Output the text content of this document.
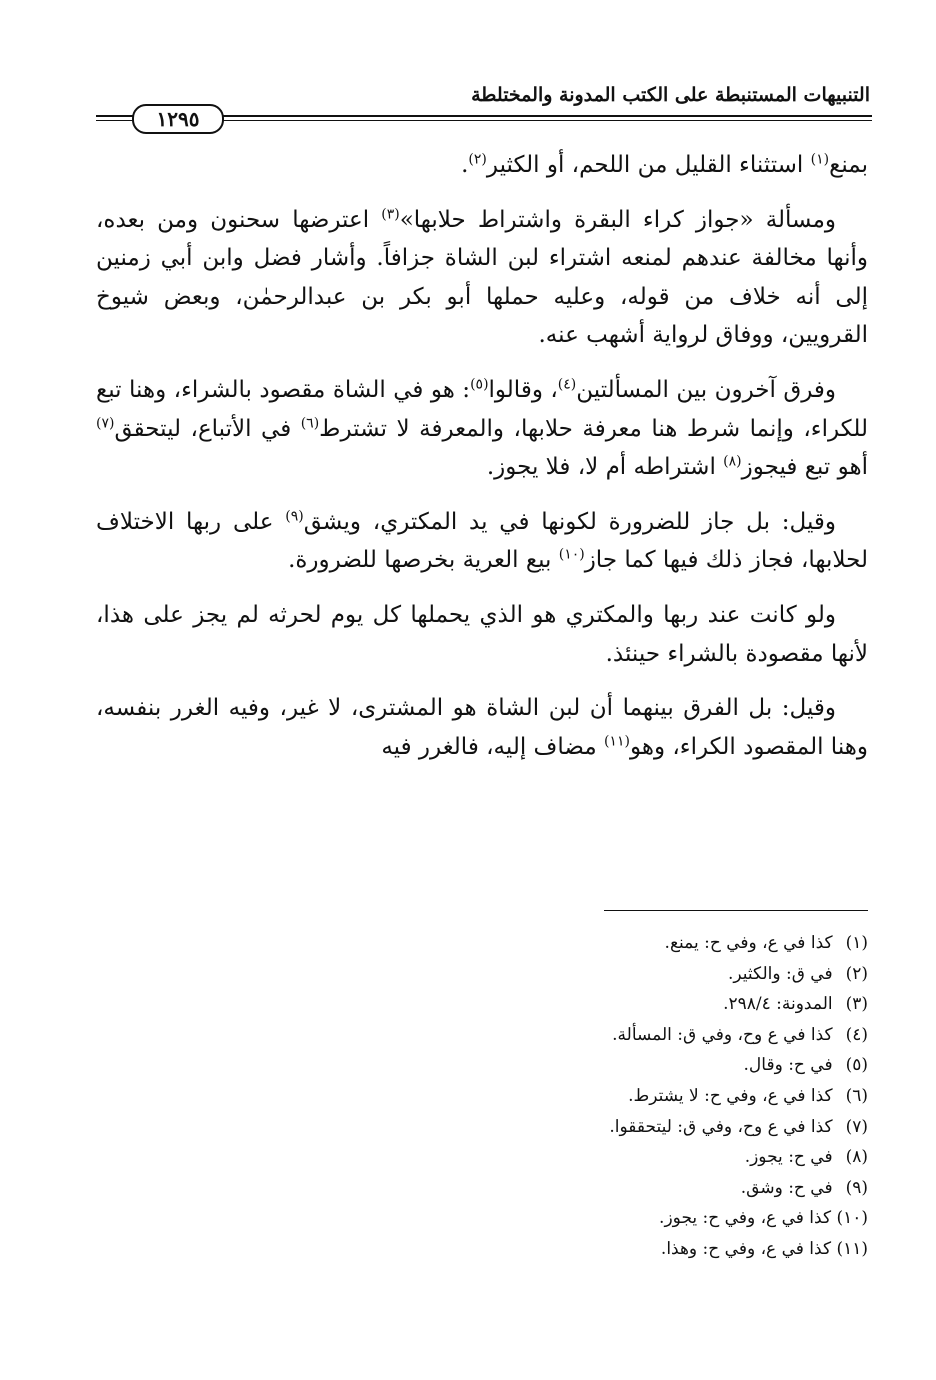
التنبيهات المستنبطة على الكتب المدونة والمختلطة
١٢٩٥

بمنع$^{(١)}$ استثناء القليل من اللحم، أو الكثير$^{(٢)}$.

ومسألة «جواز كراء البقرة واشتراط حلابها»$^{(٣)}$ اعترضها سحنون ومن بعده، وأنها مخالفة عندهم لمنعه اشتراء لبن الشاة جزافاً. وأشار فضل وابن أبي زمنين إلى أنه خلاف من قوله، وعليه حملها أبو بكر بن عبدالرحمٰن، وبعض شيوخ القرويين، ووفاق لرواية أشهب عنه.

وفرق آخرون بين المسألتين$^{(٤)}$، وقالوا$^{(٥)}$: هو في الشاة مقصود بالشراء، وهنا تبع للكراء، وإنما شرط هنا معرفة حلابها، والمعرفة لا تشترط$^{(٦)}$ في الأتباع، ليتحقق$^{(٧)}$ أهو تبع فيجوز$^{(٨)}$ اشتراطه أم لا، فلا يجوز.

وقيل: بل جاز للضرورة لكونها في يد المكتري، ويشق$^{(٩)}$ على ربها الاختلاف لحلابها، فجاز ذلك فيها كما جاز$^{(١٠)}$ بيع العرية بخرصها للضرورة.

ولو كانت عند ربها والمكتري هو الذي يحملها كل يوم لحرثه لم يجز على هذا، لأنها مقصودة بالشراء حينئذ.

وقيل: بل الفرق بينهما أن لبن الشاة هو المشترى، لا غير، وفيه الغرر بنفسه، وهنا المقصود الكراء، وهو$^{(١١)}$ مضاف إليه، فالغرر فيه

(١) كذا في ع، وفي ح: يمنع.
(٢) في ق: والكثير.
(٣) المدونة: ٢٩٨/٤.
(٤) كذا في ع وح، وفي ق: المسألة.
(٥) في ح: وقال.
(٦) كذا في ع، وفي ح: لا يشترط.
(٧) كذا في ع وح، وفي ق: ليتحققوا.
(٨) في ح: يجوز.
(٩) في ح: وشق.
(١٠) كذا في ع، وفي ح: يجوز.
(١١) كذا في ع، وفي ح: وهذا.
